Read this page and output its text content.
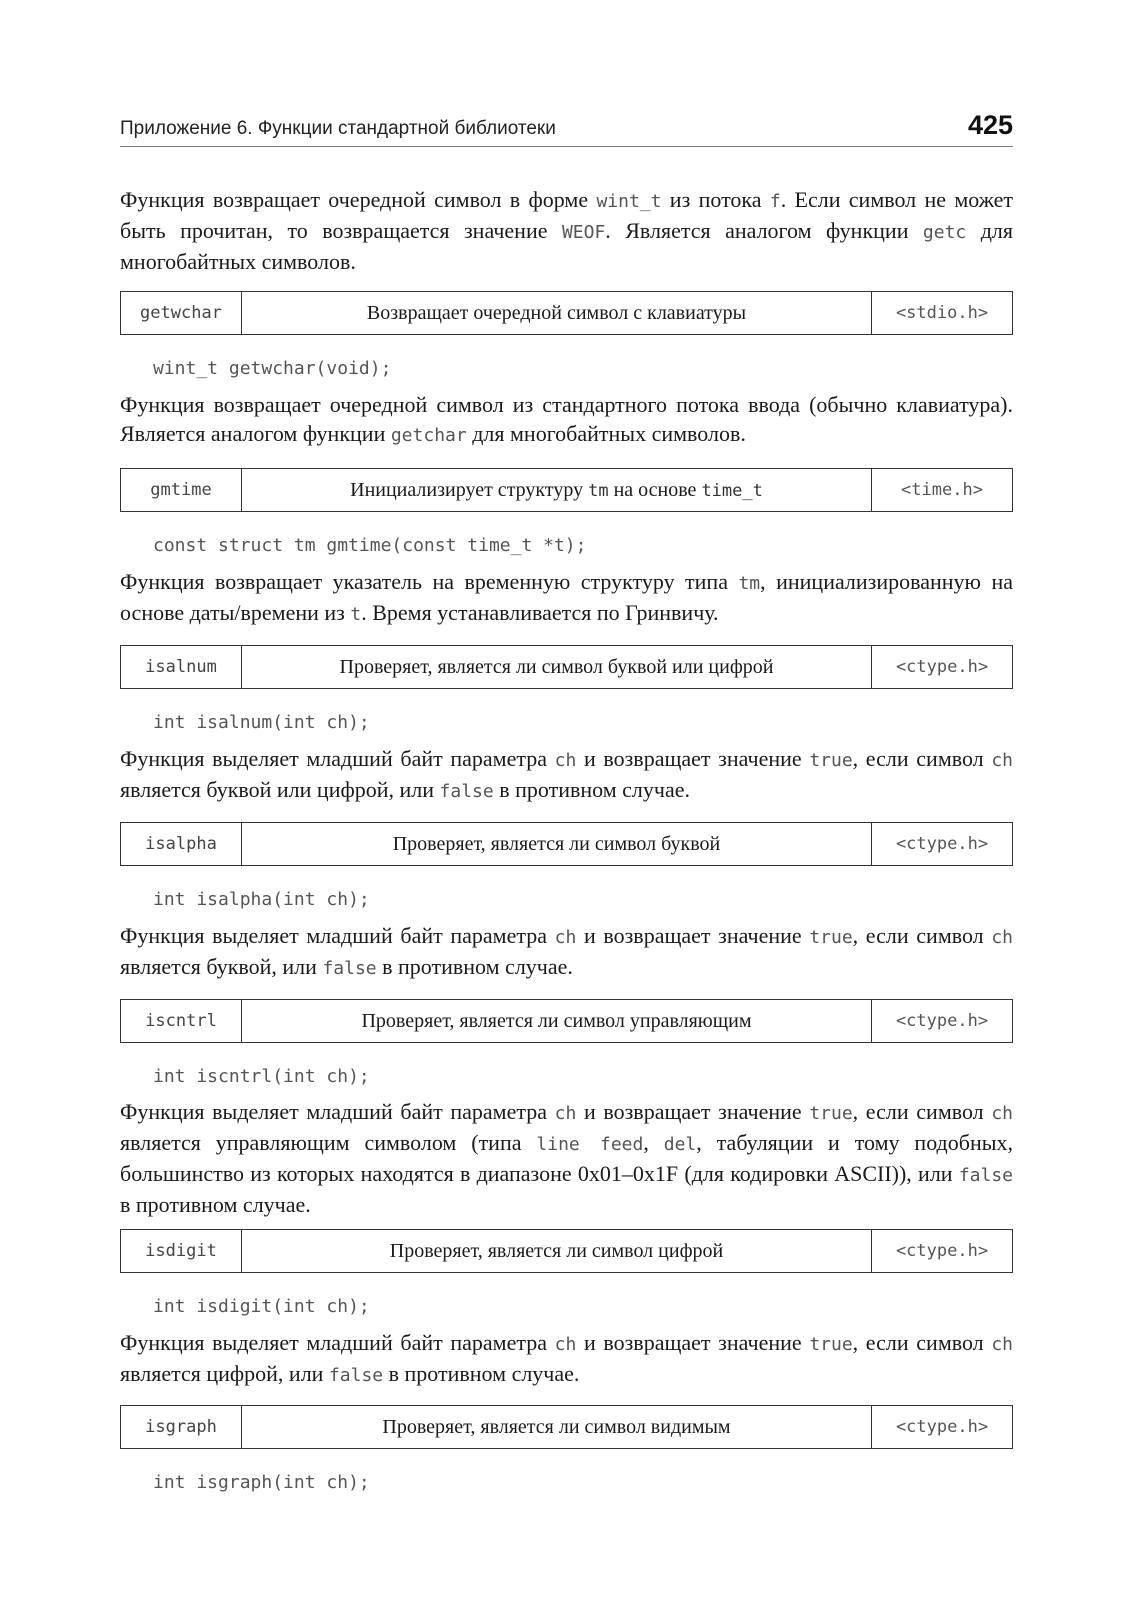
Приложение 6. Функции стандартной библиотеки	425

Функция возвращает очередной символ в форме wint_t из потока f. Если символ не может быть прочитан, то возвращается значение WEOF. Является аналогом функции getc для многобайтных символов.

getwchar	Возвращает очередной символ с клавиатуры	<stdio.h>
wint_t getwchar(void);

Функция возвращает очередной символ из стандартного потока ввода (обычно клавиатура). Является аналогом функции getchar для многобайтных символов.

gmtime	Инициализирует структуру tm на основе time_t	<time.h>
const struct tm gmtime(const time_t *t);

Функция возвращает указатель на временную структуру типа tm, инициализированную на основе даты/времени из t. Время устанавливается по Гринвичу.

isalnum	Проверяет, является ли символ буквой или цифрой	<ctype.h>
int isalnum(int ch);

Функция выделяет младший байт параметра ch и возвращает значение true, если символ ch является буквой или цифрой, или false в противном случае.

isalpha	Проверяет, является ли символ буквой	<ctype.h>
int isalpha(int ch);

Функция выделяет младший байт параметра ch и возвращает значение true, если символ ch является буквой, или false в противном случае.

iscntrl	Проверяет, является ли символ управляющим	<ctype.h>
int iscntrl(int ch);

Функция выделяет младший байт параметра ch и возвращает значение true, если символ ch является управляющим символом (типа line feed, del, табуляции и тому подобных, большинство из которых находятся в диапазоне 0x01–0x1F (для кодировки ASCII)), или false в противном случае.

isdigit	Проверяет, является ли символ цифрой	<ctype.h>
int isdigit(int ch);

Функция выделяет младший байт параметра ch и возвращает значение true, если символ ch является цифрой, или false в противном случае.

isgraph	Проверяет, является ли символ видимым	<ctype.h>
int isgraph(int ch);
